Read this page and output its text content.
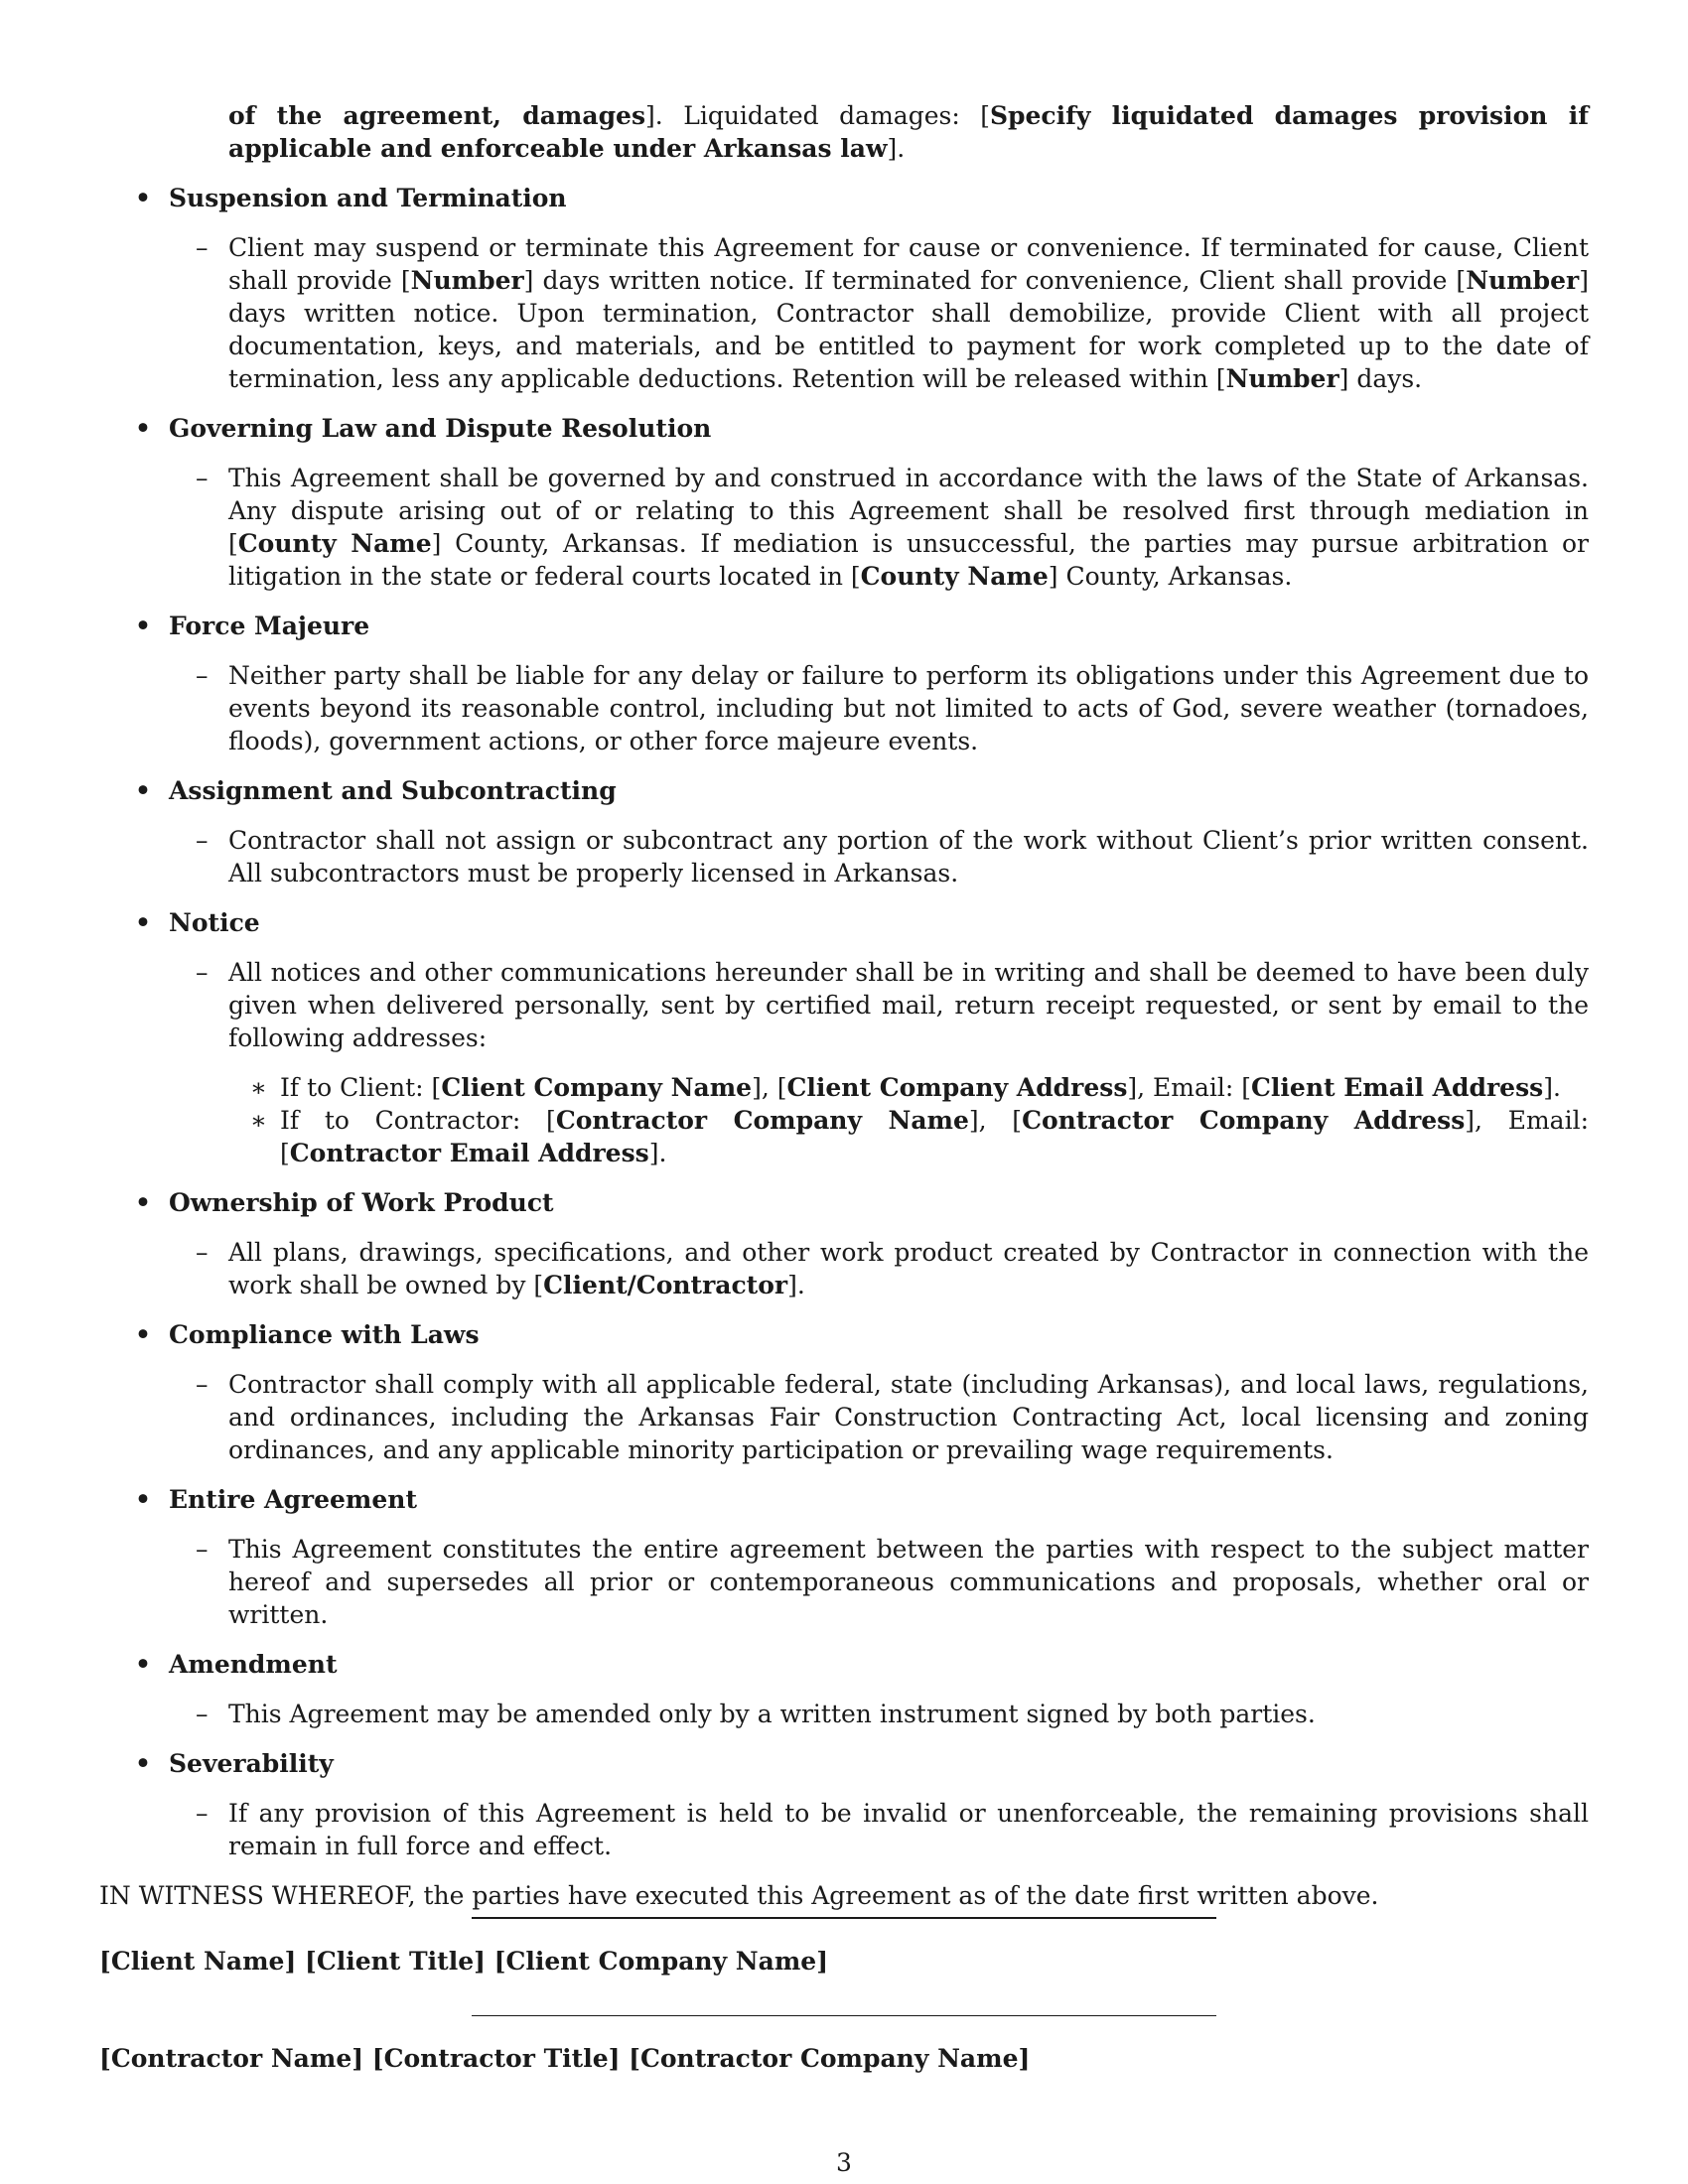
of the agreement, damages]. Liquidated damages: [Specify liquidated damages provision if applicable and enforceable under Arkansas law].
• Suspension and Termination
– Client may suspend or terminate this Agreement for cause or convenience. If terminated for cause, Client shall provide [Number] days written notice. If terminated for convenience, Client shall provide [Number] days written notice. Upon termination, Contractor shall demobilize, provide Client with all project documentation, keys, and materials, and be entitled to payment for work completed up to the date of termination, less any applicable deductions. Retention will be released within [Number] days.
• Governing Law and Dispute Resolution
– This Agreement shall be governed by and construed in accordance with the laws of the State of Arkansas. Any dispute arising out of or relating to this Agreement shall be resolved first through mediation in [County Name] County, Arkansas. If mediation is unsuccessful, the parties may pursue arbitration or litigation in the state or federal courts located in [County Name] County, Arkansas.
• Force Majeure
– Neither party shall be liable for any delay or failure to perform its obligations under this Agreement due to events beyond its reasonable control, including but not limited to acts of God, severe weather (tornadoes, floods), government actions, or other force majeure events.
• Assignment and Subcontracting
– Contractor shall not assign or subcontract any portion of the work without Client’s prior written consent. All subcontractors must be properly licensed in Arkansas.
• Notice
– All notices and other communications hereunder shall be in writing and shall be deemed to have been duly given when delivered personally, sent by certified mail, return receipt requested, or sent by email to the following addresses:
∗ If to Client: [Client Company Name], [Client Company Address], Email: [Client Email Address].
∗ If to Contractor: [Contractor Company Name], [Contractor Company Address], Email: [Contractor Email Address].
• Ownership of Work Product
– All plans, drawings, specifications, and other work product created by Contractor in connection with the work shall be owned by [Client/Contractor].
• Compliance with Laws
– Contractor shall comply with all applicable federal, state (including Arkansas), and local laws, regulations, and ordinances, including the Arkansas Fair Construction Contracting Act, local licensing and zoning ordinances, and any applicable minority participation or prevailing wage requirements.
• Entire Agreement
– This Agreement constitutes the entire agreement between the parties with respect to the subject matter hereof and supersedes all prior or contemporaneous communications and proposals, whether oral or written.
• Amendment
– This Agreement may be amended only by a written instrument signed by both parties.
• Severability
– If any provision of this Agreement is held to be invalid or unenforceable, the remaining provisions shall remain in full force and effect.
IN WITNESS WHEREOF, the parties have executed this Agreement as of the date first written above.
[Client Name] [Client Title] [Client Company Name]
[Contractor Name] [Contractor Title] [Contractor Company Name]
3
